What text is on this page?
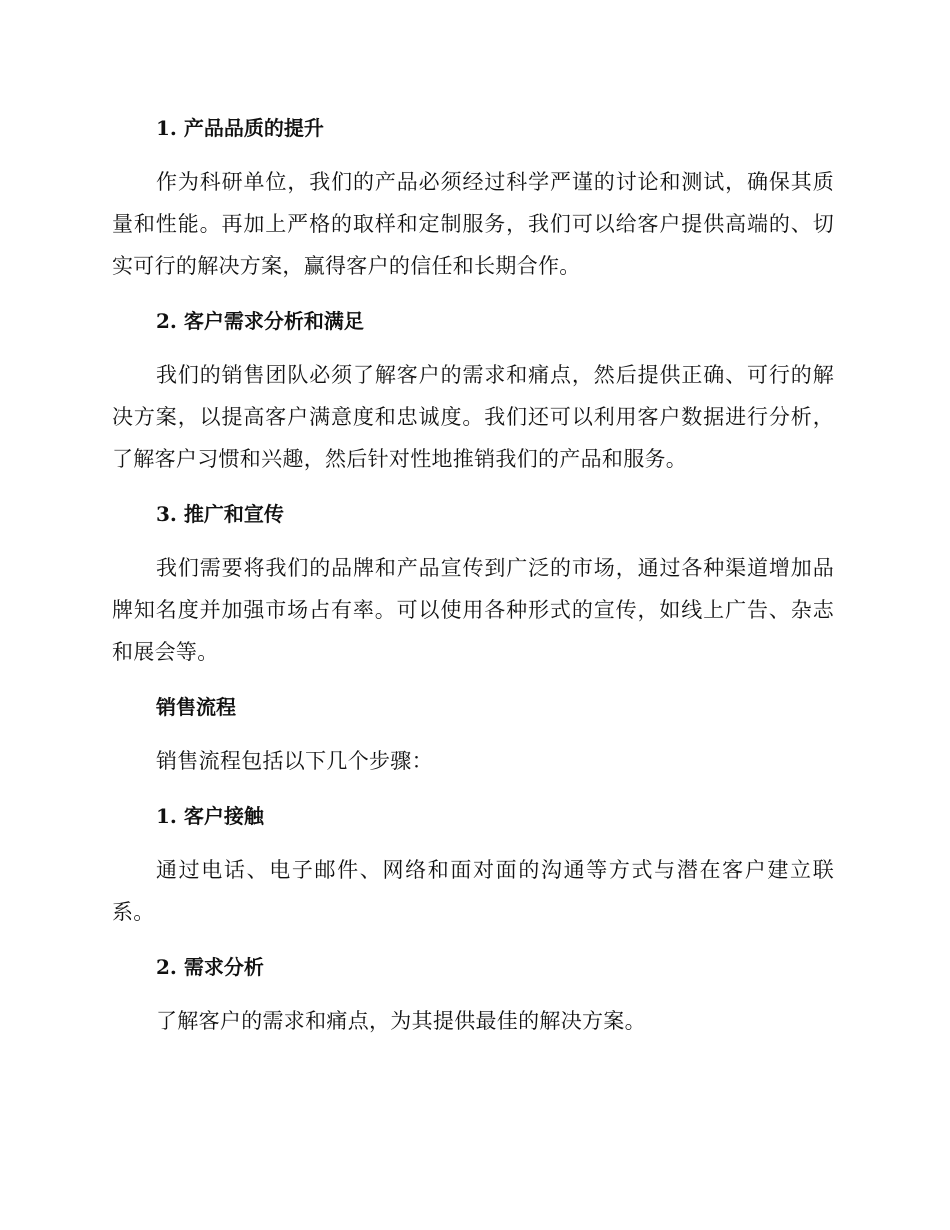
1. 产品品质的提升

作为科研单位，我们的产品必须经过科学严谨的讨论和测试，确保其质量和性能。再加上严格的取样和定制服务，我们可以给客户提供高端的、切实可行的解决方案，赢得客户的信任和长期合作。

2. 客户需求分析和满足

我们的销售团队必须了解客户的需求和痛点，然后提供正确、可行的解决方案，以提高客户满意度和忠诚度。我们还可以利用客户数据进行分析，了解客户习惯和兴趣，然后针对性地推销我们的产品和服务。

3. 推广和宣传

我们需要将我们的品牌和产品宣传到广泛的市场，通过各种渠道增加品牌知名度并加强市场占有率。可以使用各种形式的宣传，如线上广告、杂志和展会等。

销售流程

销售流程包括以下几个步骤：

1. 客户接触

通过电话、电子邮件、网络和面对面的沟通等方式与潜在客户建立联系。

2. 需求分析

了解客户的需求和痛点，为其提供最佳的解决方案。
